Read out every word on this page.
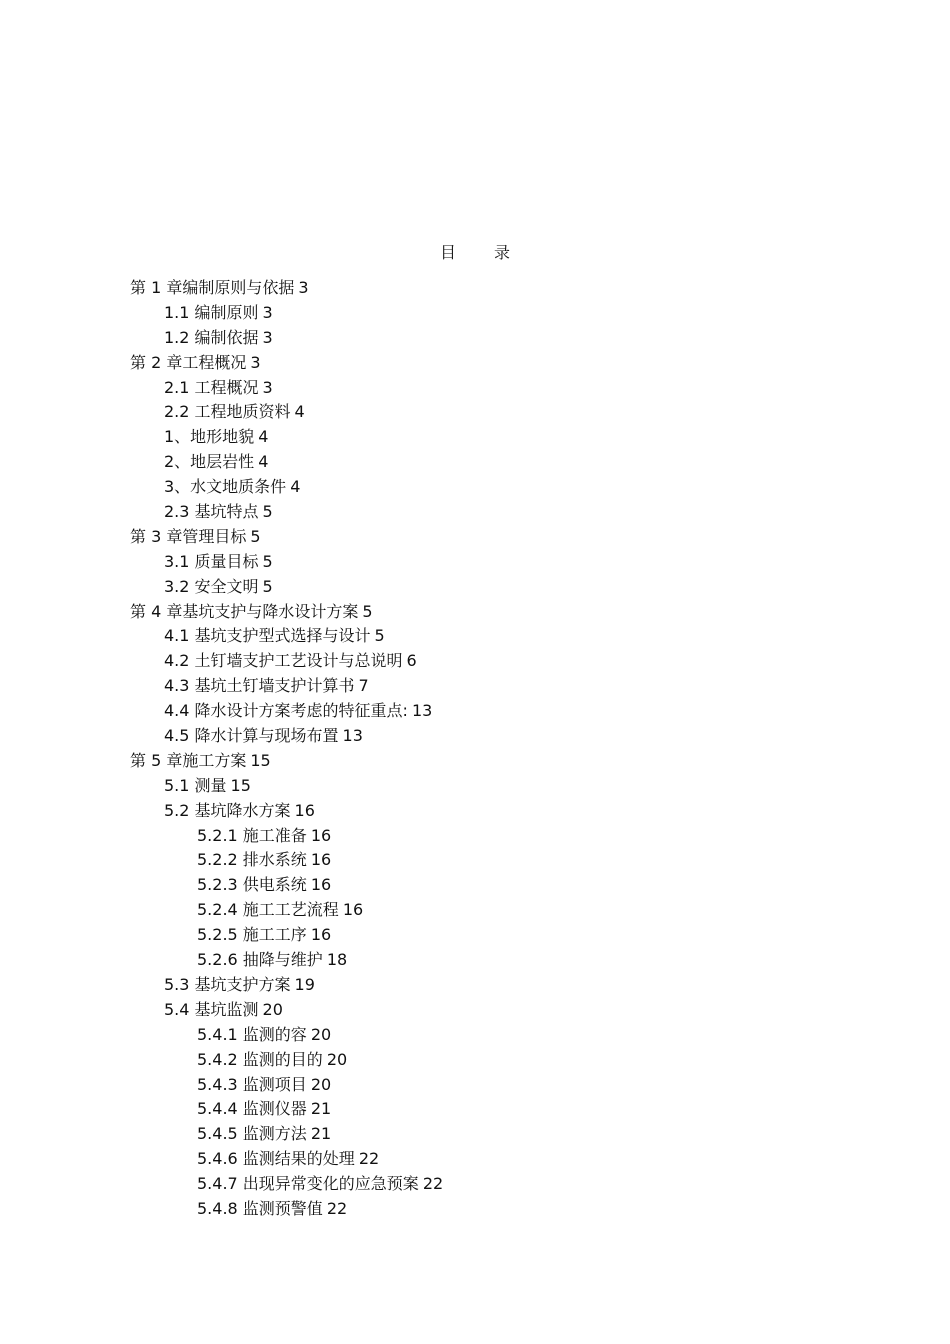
目 录
第 1 章编制原则与依据 3
1.1 编制原则 3
1.2 编制依据 3
第 2 章工程概况 3
2.1 工程概况 3
2.2 工程地质资料 4
1、地形地貌 4
2、地层岩性 4
3、水文地质条件 4
2.3 基坑特点 5
第 3 章管理目标 5
3.1 质量目标 5
3.2 安全文明 5
第 4 章基坑支护与降水设计方案 5
4.1 基坑支护型式选择与设计 5
4.2 土钉墙支护工艺设计与总说明 6
4.3 基坑土钉墙支护计算书 7
4.4 降水设计方案考虑的特征重点: 13
4.5 降水计算与现场布置 13
第 5 章施工方案 15
5.1 测量 15
5.2 基坑降水方案 16
5.2.1 施工准备 16
5.2.2 排水系统 16
5.2.3 供电系统 16
5.2.4 施工工艺流程 16
5.2.5 施工工序 16
5.2.6 抽降与维护 18
5.3 基坑支护方案 19
5.4 基坑监测 20
5.4.1 监测的容 20
5.4.2 监测的目的 20
5.4.3 监测项目 20
5.4.4 监测仪器 21
5.4.5 监测方法 21
5.4.6 监测结果的处理 22
5.4.7 出现异常变化的应急预案 22
5.4.8 监测预警值 22
